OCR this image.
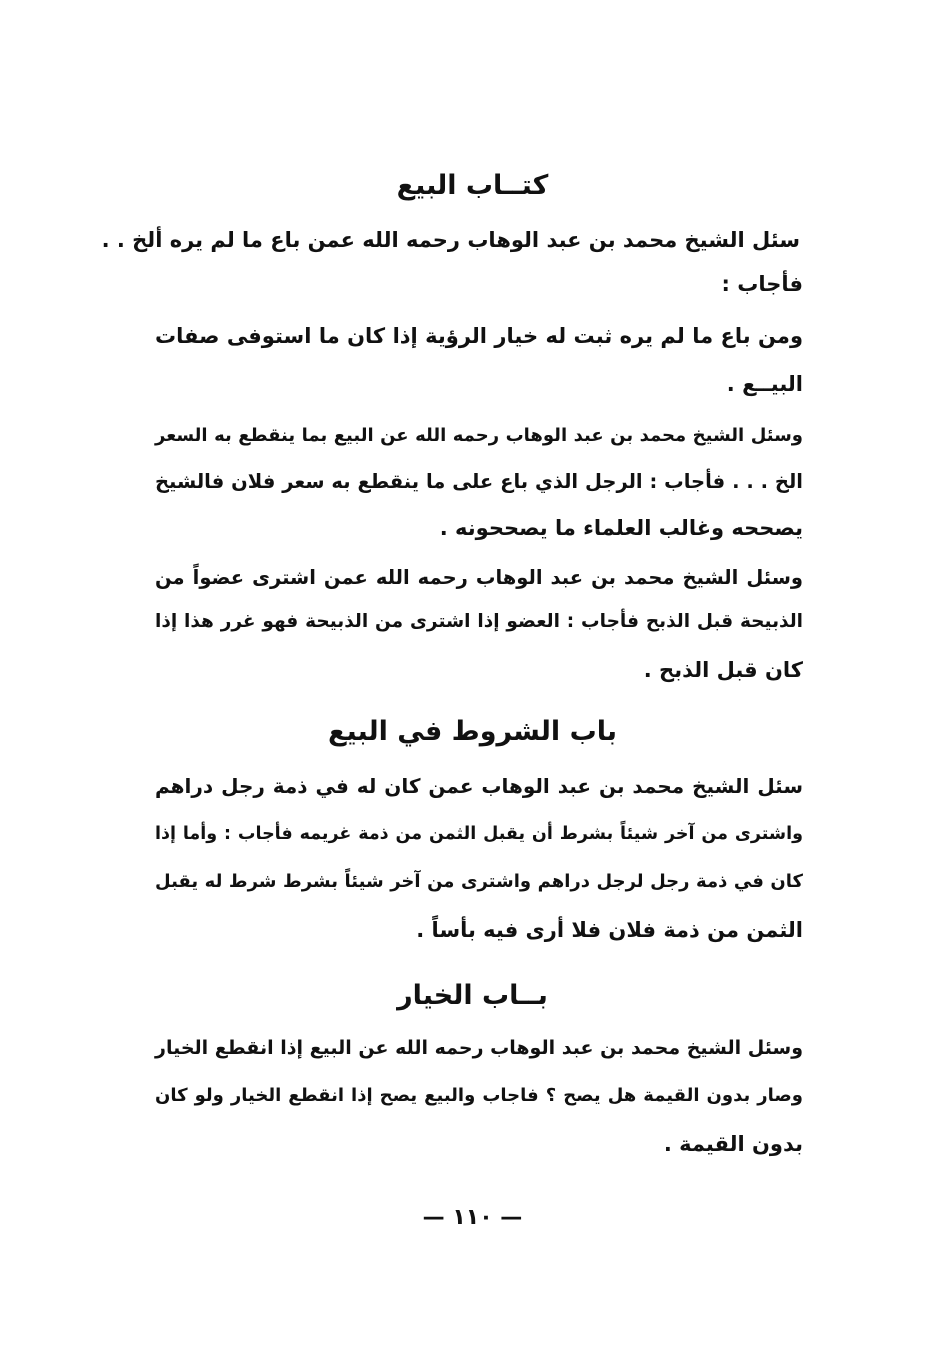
كتــاب البيع
سئل الشيخ محمد بن عبد الوهاب رحمه الله عمن باع ما لم يره ألخ . .
فأجاب :
ومن باع ما لم يره ثبت له خيار الرؤية إذا كان ما استوفى صفات
البيــع .
وسئل الشيخ محمد بن عبد الوهاب رحمه الله عن البيع بما ينقطع به السعر
الخ . . . فأجاب : الرجل الذي باع على ما ينقطع به سعر فلان فالشيخ
يصححه وغالب العلماء ما يصححونه .
وسئل الشيخ محمد بن عبد الوهاب رحمه الله عمن اشترى عضواً من
الذبيحة قبل الذبح فأجاب : العضو إذا اشترى من الذبيحة فهو غرر هذا إذا
كان قبل الذبح .
باب الشروط في البيع
سئل الشيخ محمد بن عبد الوهاب عمن كان له في ذمة رجل دراهم
واشترى من آخر شيئاً بشرط أن يقبل الثمن من ذمة غريمه فأجاب : وأما إذا
كان في ذمة رجل لرجل دراهم واشترى من آخر شيئاً بشرط شرط له يقبل
الثمن من ذمة فلان فلا أرى فيه بأساً .
بــاب الخيار
وسئل الشيخ محمد بن عبد الوهاب رحمه الله عن البيع إذا انقطع الخيار
وصار بدون القيمة هل يصح ؟ فاجاب والبيع يصح إذا انقطع الخيار ولو كان
بدون القيمة .
— ١١٠ —
